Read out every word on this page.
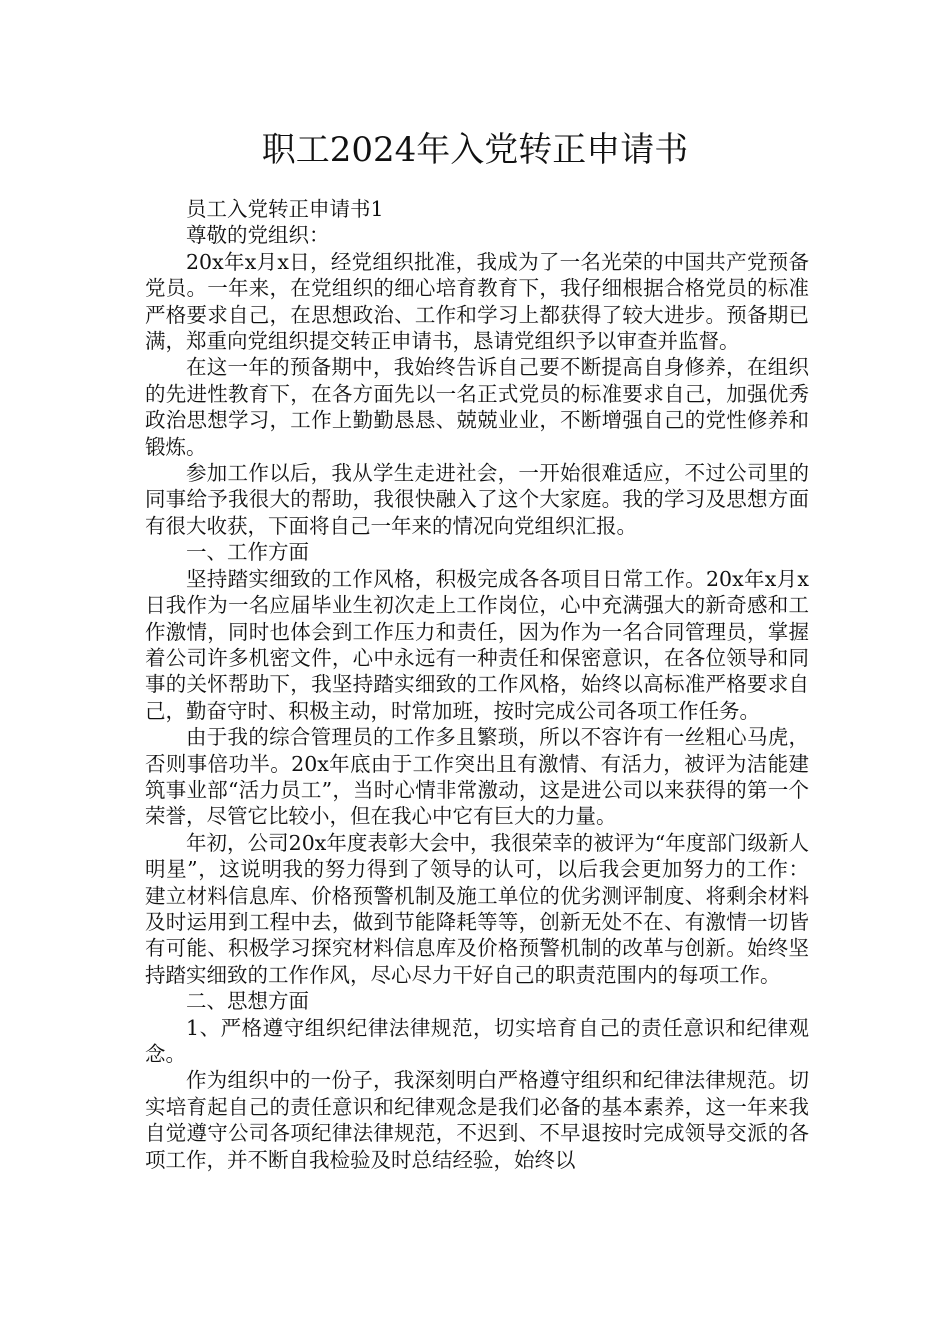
职工2024年入党转正申请书

员工入党转正申请书1

尊敬的党组织：

20x年x月x日，经党组织批准，我成为了一名光荣的中国共产党预备党员。一年来，在党组织的细心培育教育下，我仔细根据合格党员的标准严格要求自己，在思想政治、工作和学习上都获得了较大进步。预备期已满，郑重向党组织提交转正申请书，恳请党组织予以审查并监督。

在这一年的预备期中，我始终告诉自己要不断提高自身修养，在组织的先进性教育下，在各方面先以一名正式党员的标准要求自己，加强优秀政治思想学习，工作上勤勤恳恳、兢兢业业，不断增强自己的党性修养和锻炼。

参加工作以后，我从学生走进社会，一开始很难适应，不过公司里的同事给予我很大的帮助，我很快融入了这个大家庭。我的学习及思想方面有很大收获，下面将自己一年来的情况向党组织汇报。

一、工作方面

坚持踏实细致的工作风格，积极完成各各项目日常工作。20x年x月x日我作为一名应届毕业生初次走上工作岗位，心中充满强大的新奇感和工作激情，同时也体会到工作压力和责任，因为作为一名合同管理员，掌握着公司许多机密文件，心中永远有一种责任和保密意识，在各位领导和同事的关怀帮助下，我坚持踏实细致的工作风格，始终以高标准严格要求自己，勤奋守时、积极主动，时常加班，按时完成公司各项工作任务。

由于我的综合管理员的工作多且繁琐，所以不容许有一丝粗心马虎，否则事倍功半。20x年底由于工作突出且有激情、有活力，被评为洁能建筑事业部“活力员工”，当时心情非常激动，这是进公司以来获得的第一个荣誉，尽管它比较小，但在我心中它有巨大的力量。

年初，公司20x年度表彰大会中，我很荣幸的被评为“年度部门级新人明星”，这说明我的努力得到了领导的认可，以后我会更加努力的工作：建立材料信息库、价格预警机制及施工单位的优劣测评制度、将剩余材料及时运用到工程中去，做到节能降耗等等，创新无处不在、有激情一切皆有可能、积极学习探究材料信息库及价格预警机制的改革与创新。始终坚持踏实细致的工作作风，尽心尽力干好自己的职责范围内的每项工作。

二、思想方面

1、严格遵守组织纪律法律规范，切实培育自己的责任意识和纪律观念。

作为组织中的一份子，我深刻明白严格遵守组织和纪律法律规范。切实培育起自己的责任意识和纪律观念是我们必备的基本素养，这一年来我自觉遵守公司各项纪律法律规范，不迟到、不早退按时完成领导交派的各项工作，并不断自我检验及时总结经验，始终以
